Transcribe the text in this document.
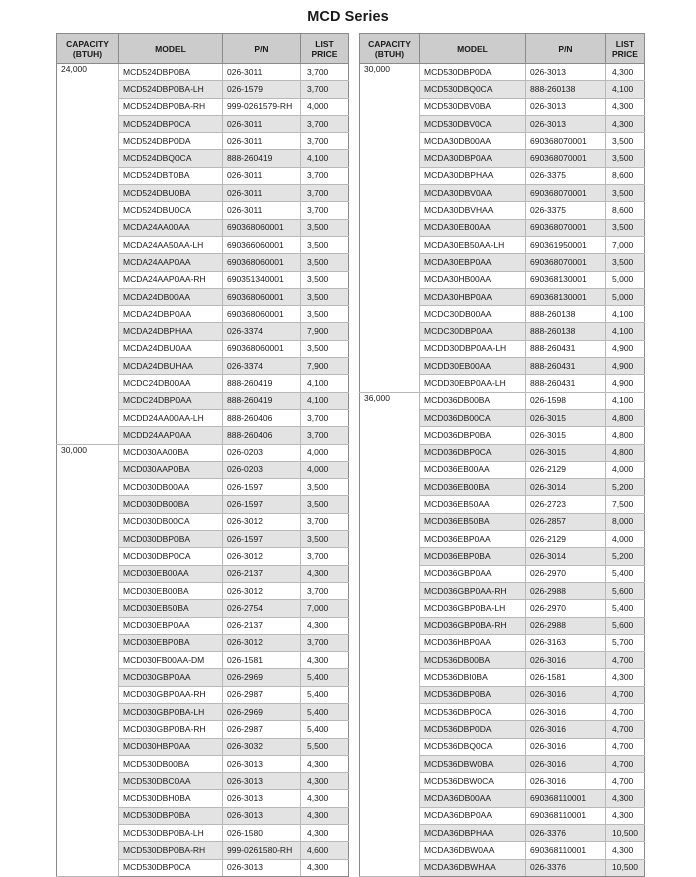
MCD Series
CAPACITY
(BTUH)	MODEL	P/N	LIST
PRICE

24,000	MCD524DBP0BA	026-3011	3,700
	MCD524DBP0BA-LH	026-1579	3,700
	MCD524DBP0BA-RH	999-0261579-RH	4,000
	MCD524DBP0CA	026-3011	3,700
	MCD524DBP0DA	026-3011	3,700
	MCD524DBQ0CA	888-260419	4,100
	MCD524DBT0BA	026-3011	3,700
	MCD524DBU0BA	026-3011	3,700
	MCD524DBU0CA	026-3011	3,700
	MCDA24AA00AA	690368060001	3,500
	MCDA24AA50AA-LH	690366060001	3,500
	MCDA24AAP0AA	690368060001	3,500
	MCDA24AAP0AA-RH	690351340001	3,500
	MCDA24DB00AA	690368060001	3,500
	MCDA24DBP0AA	690368060001	3,500
	MCDA24DBPHAA	026-3374	7,900
	MCDA24DBU0AA	690368060001	3,500
	MCDA24DBUHAA	026-3374	7,900
	MCDC24DB00AA	888-260419	4,100
	MCDC24DBP0AA	888-260419	4,100
	MCDD24AA00AA-LH	888-260406	3,700
	MCDD24AAP0AA	888-260406	3,700
30,000	MCD030AA00BA	026-0203	4,000
	MCD030AAP0BA	026-0203	4,000
	MCD030DB00AA	026-1597	3,500
	MCD030DB00BA	026-1597	3,500
	MCD030DB00CA	026-3012	3,700
	MCD030DBP0BA	026-1597	3,500
	MCD030DBP0CA	026-3012	3,700
	MCD030EB00AA	026-2137	4,300
	MCD030EB00BA	026-3012	3,700
	MCD030EB50BA	026-2754	7,000
	MCD030EBP0AA	026-2137	4,300
	MCD030EBP0BA	026-3012	3,700
	MCD030FB00AA-DM	026-1581	4,300
	MCD030GBP0AA	026-2969	5,400
	MCD030GBP0AA-RH	026-2987	5,400
	MCD030GBP0BA-LH	026-2969	5,400
	MCD030GBP0BA-RH	026-2987	5,400
	MCD030HBP0AA	026-3032	5,500
	MCD530DB00BA	026-3013	4,300
	MCD530DBC0AA	026-3013	4,300
	MCD530DBH0BA	026-3013	4,300
	MCD530DBP0BA	026-3013	4,300
	MCD530DBP0BA-LH	026-1580	4,300
	MCD530DBP0BA-RH	999-0261580-RH	4,600
	MCD530DBP0CA	026-3013	4,300
CAPACITY
(BTUH)	MODEL	P/N	LIST
PRICE

30,000	MCD530DBP0DA	026-3013	4,300
	MCD530DBQ0CA	888-260138	4,100
	MCD530DBV0BA	026-3013	4,300
	MCD530DBV0CA	026-3013	4,300
	MCDA30DB00AA	690368070001	3,500
	MCDA30DBP0AA	690368070001	3,500
	MCDA30DBPHAA	026-3375	8,600
	MCDA30DBV0AA	690368070001	3,500
	MCDA30DBVHAA	026-3375	8,600
	MCDA30EB00AA	690368070001	3,500
	MCDA30EB50AA-LH	690361950001	7,000
	MCDA30EBP0AA	690368070001	3,500
	MCDA30HB00AA	690368130001	5,000
	MCDA30HBP0AA	690368130001	5,000
	MCDC30DB00AA	888-260138	4,100
	MCDC30DBP0AA	888-260138	4,100
	MCDD30DBP0AA-LH	888-260431	4,900
	MCDD30EB00AA	888-260431	4,900
	MCDD30EBP0AA-LH	888-260431	4,900
36,000	MCD036DB00BA	026-1598	4,100
	MCD036DB00CA	026-3015	4,800
	MCD036DBP0BA	026-3015	4,800
	MCD036DBP0CA	026-3015	4,800
	MCD036EB00AA	026-2129	4,000
	MCD036EB00BA	026-3014	5,200
	MCD036EB50AA	026-2723	7,500
	MCD036EB50BA	026-2857	8,000
	MCD036EBP0AA	026-2129	4,000
	MCD036EBP0BA	026-3014	5,200
	MCD036GBP0AA	026-2970	5,400
	MCD036GBP0AA-RH	026-2988	5,600
	MCD036GBP0BA-LH	026-2970	5,400
	MCD036GBP0BA-RH	026-2988	5,600
	MCD036HBP0AA	026-3163	5,700
	MCD536DB00BA	026-3016	4,700
	MCD536DBI0BA	026-1581	4,300
	MCD536DBP0BA	026-3016	4,700
	MCD536DBP0CA	026-3016	4,700
	MCD536DBP0DA	026-3016	4,700
	MCD536DBQ0CA	026-3016	4,700
	MCD536DBW0BA	026-3016	4,700
	MCD536DBW0CA	026-3016	4,700
	MCDA36DB00AA	690368110001	4,300
	MCDA36DBP0AA	690368110001	4,300
	MCDA36DBPHAA	026-3376	10,500
	MCDA36DBW0AA	690368110001	4,300
	MCDA36DBWHAA	026-3376	10,500
